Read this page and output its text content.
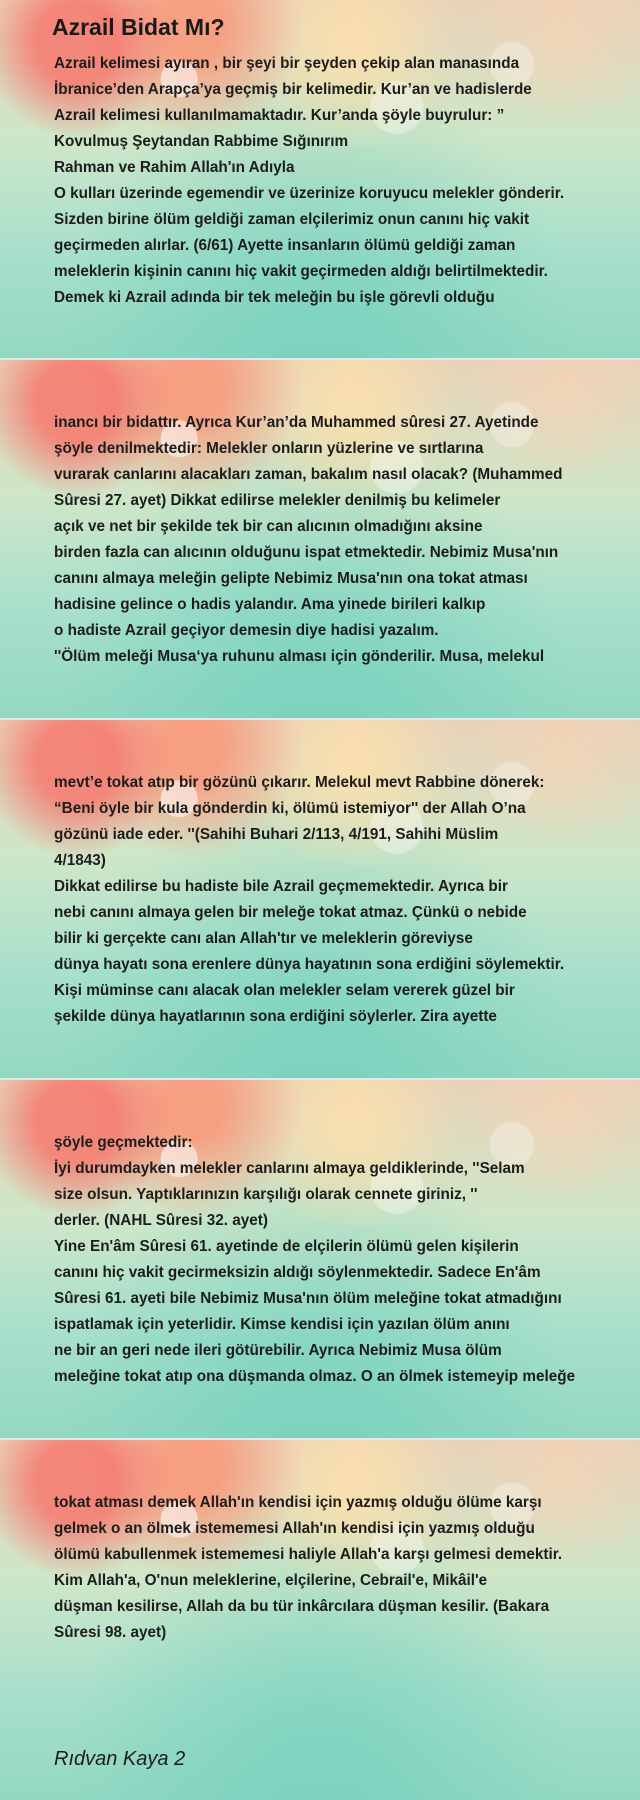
Azrail Bidat Mı?
Azrail kelimesi ayıran , bir şeyi bir şeyden çekip alan manasında
İbranice’den Arapça’ya geçmiş bir kelimedir. Kur’an ve hadislerde
Azrail kelimesi kullanılmamaktadır. Kur’anda şöyle buyrulur: ”
Kovulmuş Şeytandan Rabbime Sığınırım
Rahman ve Rahim Allah'ın Adıyla
O kulları üzerinde egemendir ve üzerinize koruyucu melekler gönderir.
Sizden birine ölüm geldiği zaman elçilerimiz onun canını hiç vakit
geçirmeden alırlar. (6/61) Ayette insanların ölümü geldiği zaman
meleklerin kişinin canını hiç vakit geçirmeden aldığı belirtilmektedir.
Demek ki Azrail adında bir tek meleğin bu işle görevli olduğu
inancı bir bidattır. Ayrıca Kur’an’da Muhammed sûresi 27. Ayetinde
şöyle denilmektedir: Melekler onların yüzlerine ve sırtlarına
vurarak canlarını alacakları zaman, bakalım nasıl olacak? (Muhammed
Sûresi 27. ayet) Dikkat edilirse melekler denilmiş bu kelimeler
açık ve net bir şekilde tek bir can alıcının olmadığını aksine
birden fazla can alıcının olduğunu ispat etmektedir. Nebimiz Musa'nın
canını almaya meleğin gelipte Nebimiz Musa'nın ona tokat atması
hadisine gelince o hadis yalandır. Ama yinede birileri kalkıp
o hadiste Azrail geçiyor demesin diye hadisi yazalım.
''Ölüm meleği Musa‘ya ruhunu alması için gönderilir. Musa, melekul
mevt’e tokat atıp bir gözünü çıkarır. Melekul mevt Rabbine dönerek:
“Beni öyle bir kula gönderdin ki, ölümü istemiyor'' der Allah O’na
gözünü iade eder. ''(Sahihi Buhari 2/113, 4/191, Sahihi Müslim
4/1843)
Dikkat edilirse bu hadiste bile Azrail geçmemektedir. Ayrıca bir
nebi canını almaya gelen bir meleğe tokat atmaz. Çünkü o nebide
bilir ki gerçekte canı alan Allah'tır ve meleklerin göreviyse
dünya hayatı sona erenlere dünya hayatının sona erdiğini söylemektir.
Kişi müminse canı alacak olan melekler selam vererek güzel bir
şekilde dünya hayatlarının sona erdiğini söylerler. Zira ayette
şöyle geçmektedir:
İyi durumdayken melekler canlarını almaya geldiklerinde, ''Selam
size olsun. Yaptıklarınızın karşılığı olarak cennete giriniz, ''
derler. (NAHL Sûresi 32. ayet)
Yine En'âm Sûresi 61. ayetinde de elçilerin ölümü gelen kişilerin
canını hiç vakit gecirmeksizin aldığı söylenmektedir. Sadece En'âm
Sûresi 61. ayeti bile Nebimiz Musa'nın ölüm meleğine tokat atmadığını
ispatlamak için yeterlidir. Kimse kendisi için yazılan ölüm anını
ne bir an geri nede ileri götürebilir. Ayrıca Nebimiz Musa ölüm
meleğine tokat atıp ona düşmanda olmaz. O an ölmek istemeyip meleğe
tokat atması demek Allah'ın kendisi için yazmış olduğu ölüme karşı
gelmek o an ölmek istememesi Allah'ın kendisi için yazmış olduğu
ölümü kabullenmek istememesi haliyle Allah'a karşı gelmesi demektir.
Kim Allah'a, O'nun meleklerine, elçilerine, Cebrail'e, Mikâil'e
düşman kesilirse, Allah da bu tür inkârcılara düşman kesilir. (Bakara
Sûresi 98. ayet)
Rıdvan Kaya 2
